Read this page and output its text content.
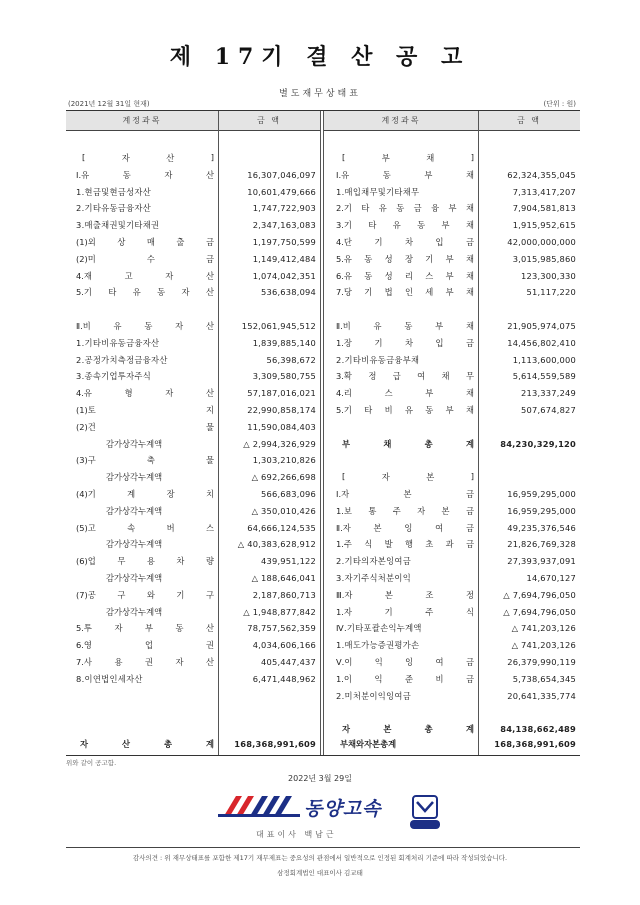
제 17기 결 산 공 고
별도재무상태표
(2021년 12월 31일 현재)	(단위 : 원)
계정과목	금 액	계정과목	금 액
[	자	산	]
Ⅰ.유	동	자	산	16,307,046,097
1.현금및현금성자산	10,601,479,666
2.기타유동금융자산	1,747,722,903
3.매출채권및기타채권	2,347,163,083
(1)외	상	매	출	금	1,197,750,599
(2)미	수	금	1,149,412,484
4.재	고	자	산	1,074,042,351
5.기 타 유 동 자 산	536,638,094
Ⅱ.비	유	동	자	산	152,061,945,512
1.기타비유동금융자산	1,839,885,140
2.공정가치측정금융자산	56,398,672
3.종속기업투자주식	3,309,580,755
4.유	형	자	산	57,187,016,021
(1)토	지	22,990,858,174
(2)건	물	11,590,084,403
감가상각누계액	△ 2,994,326,929
(3)구	축	물	1,303,210,826
감가상각누계액	△ 692,266,698
(4)기	계	장	치	566,683,096
감가상각누계액	△ 350,010,426
(5)고	속	버	스	64,666,124,535
감가상각누계액	△ 40,383,628,912
(6)업	무	용	차	량	439,951,122
감가상각누계액	△ 188,646,041
(7)공	구	와	기	구	2,187,860,713
감가상각누계액	△ 1,948,877,842
5.투	자	부	동	산	78,757,562,359
6.영	업	권	4,034,606,166
7.사	용	권	자	산	405,447,437
8.이연법인세자산	6,471,448,962
[	부	채	]
Ⅰ.유	동	부	채	62,324,355,045
1.매입채무및기타채무	7,313,417,207
2.기 타 유 동 금 융 부 채	7,904,581,813
3.기 타 유 동 부 채	1,915,952,615
4.단	기	차	입	금	42,000,000,000
5.유 동 성 장 기 부 채	3,015,985,860
6.유 동 성 리 스 부 채	123,300,330
7.당 기 법 인 세 부 채	51,117,220
Ⅱ.비	유	동	부	채	21,905,974,075
1.장	기	차	입	금	14,456,802,410
2.기타비유동금융부채	1,113,600,000
3.확 정 급 여 채 무	5,614,559,589
4.리	스	부	채	213,337,249
5.기 타 비 유 동 부 채	507,674,827
부	채	총	계	84,230,329,120
[	자	본	]
Ⅰ.자	본	금	16,959,295,000
1.보 통 주 자 본 금	16,959,295,000
Ⅱ.자	본	잉	여	금	49,235,376,546
1.주 식 발 행 초 과 금	21,826,769,328
2.기타의자본잉여금	27,393,937,091
3.자기주식처분이익	14,670,127
Ⅲ.자	본	조	정	△ 7,694,796,050
1.자	기	주	식	△ 7,694,796,050
Ⅳ.기타포괄손익누계액	△ 741,203,126
1.매도가능증권평가손	△ 741,203,126
Ⅴ.이	익	잉	여	금	26,379,990,119
1.이	익	준	비	금	5,738,654,345
2.미처분이익잉여금	20,641,335,774
자	본	총	계	84,138,662,489
자	산	총	계	168,368,991,609	부채와자본총계	168,368,991,609
위와 같이 공고함.
2022년 3월 29일
동양고속
대표이사 백남근
감사의견 : 위 재무상태표를 포함한 제17기 재무제표는 중요성의 관점에서 일반적으로 인정된 회계처리 기준에 따라 작성되었습니다.
삼정회계법인 대표이사 김교태
